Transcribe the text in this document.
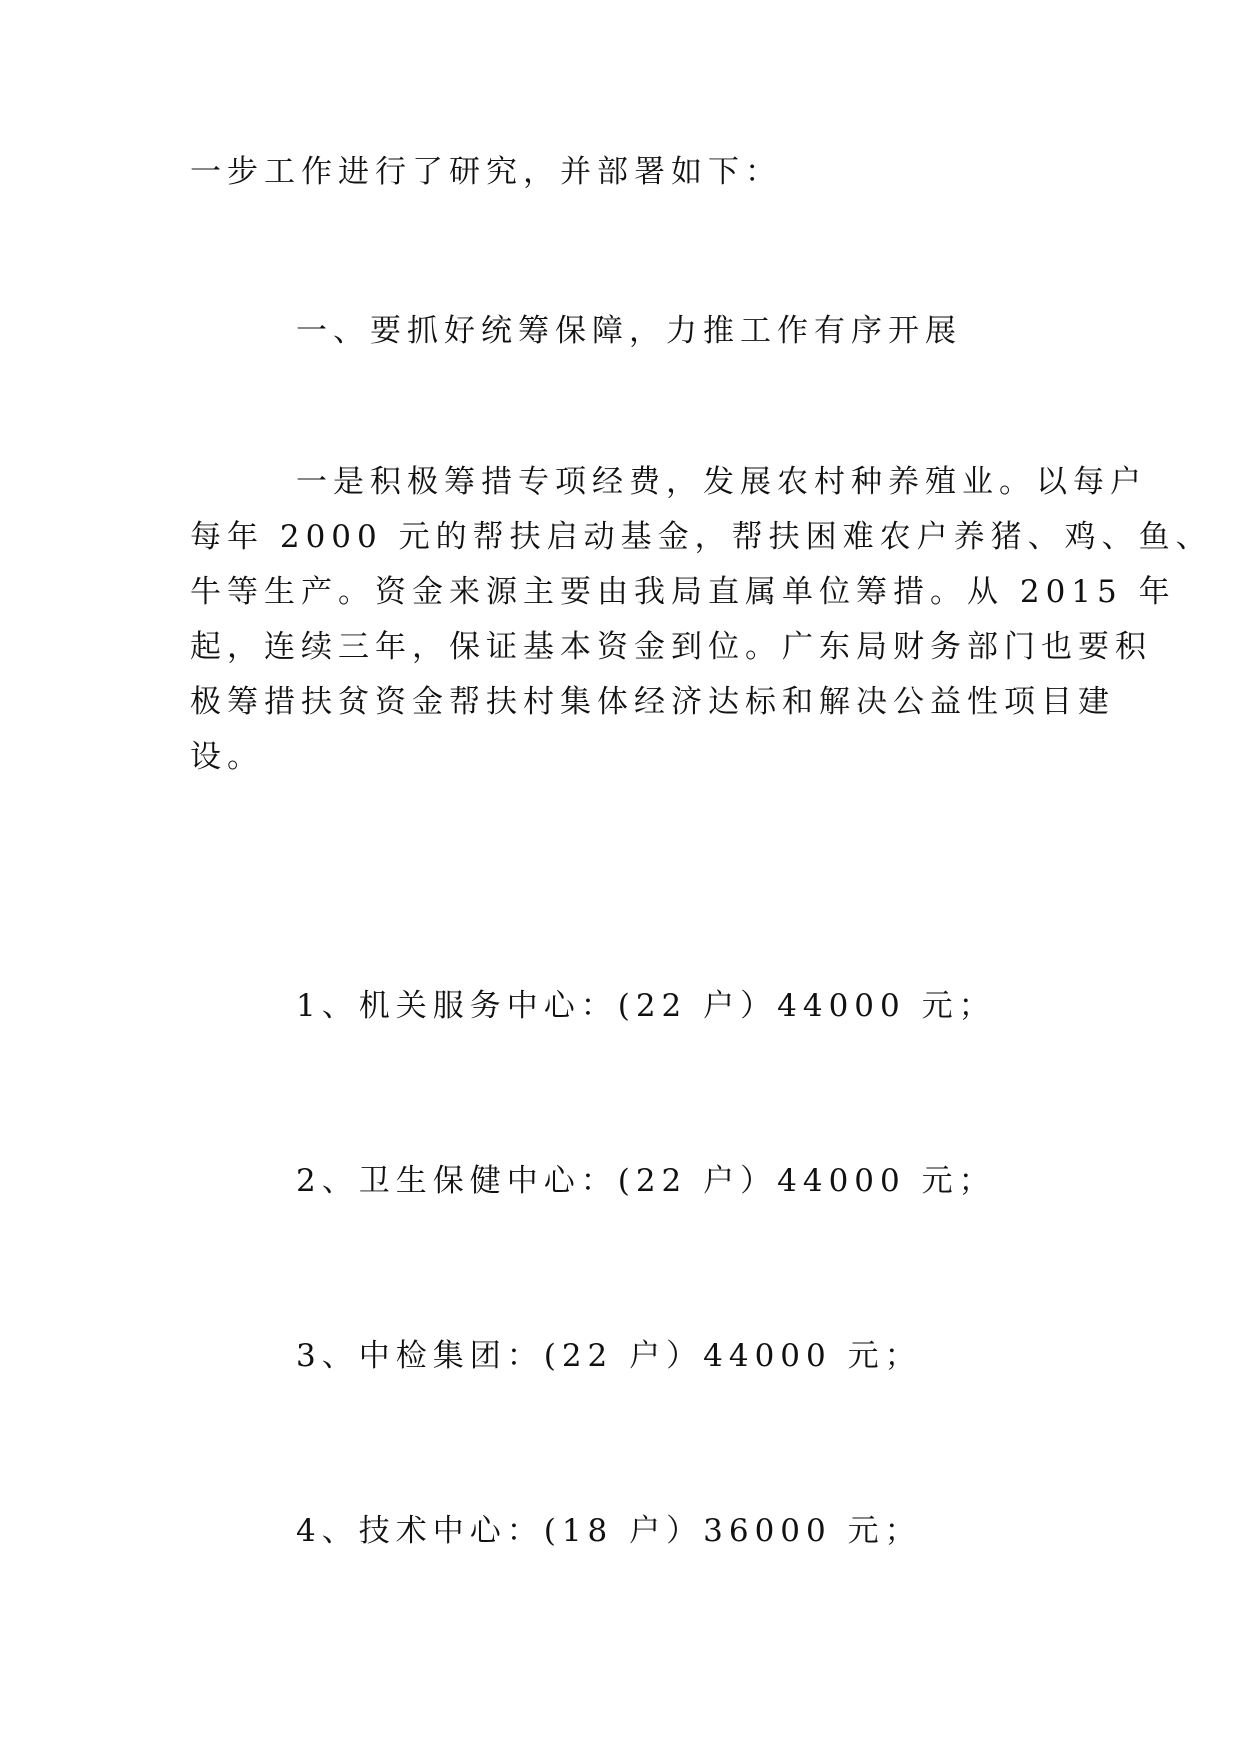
一步工作进行了研究，并部署如下：

一、要抓好统筹保障，力推工作有序开展

一是积极筹措专项经费，发展农村种养殖业。以每户
每年 2000 元的帮扶启动基金，帮扶困难农户养猪、鸡、鱼、
牛等生产。资金来源主要由我局直属单位筹措。从 2015 年
起，连续三年，保证基本资金到位。广东局财务部门也要积
极筹措扶贫资金帮扶村集体经济达标和解决公益性项目建
设。

1、机关服务中心：(22 户）44000 元；

2、卫生保健中心：(22 户）44000 元；

3、中检集团：(22 户）44000 元；

4、技术中心：(18 户）36000 元；
